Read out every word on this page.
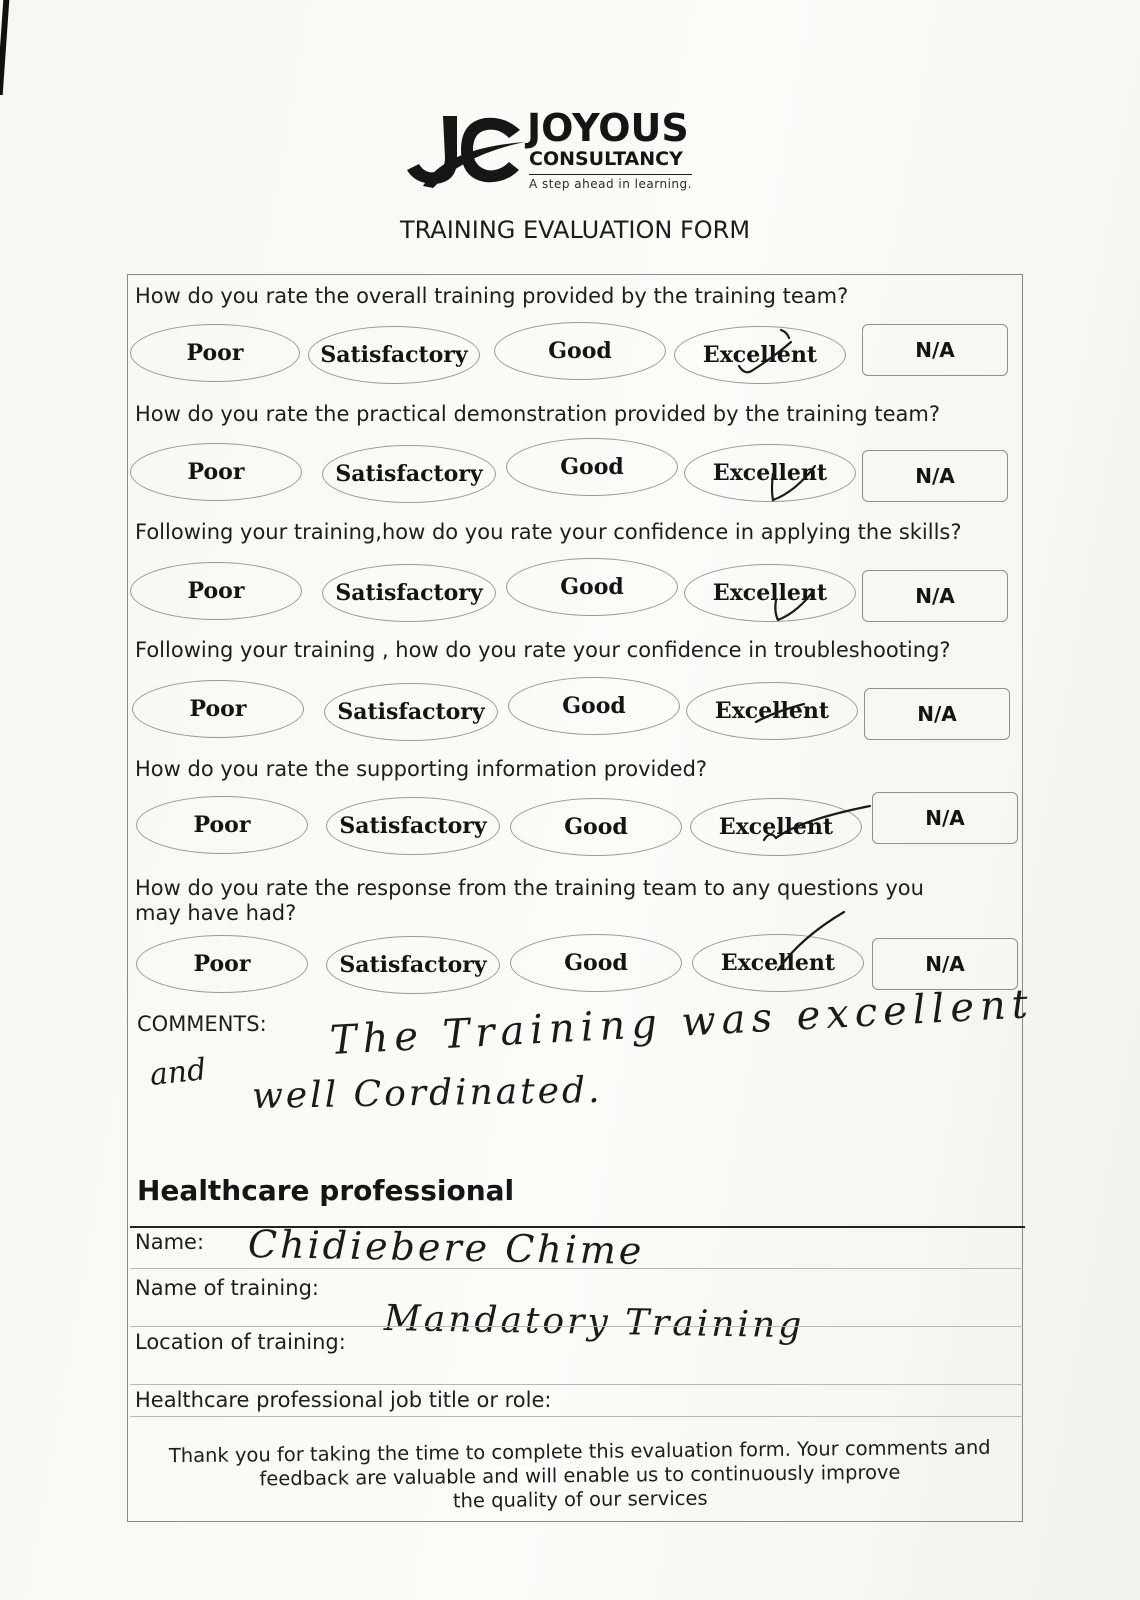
JOYOUS
CONSULTANCY
A step ahead in learning.
TRAINING EVALUATION FORM
How do you rate the overall training provided by the training team?
Poor	Satisfactory	Good	Excellent	N/A
How do you rate the practical demonstration provided by the training team?
Poor	Satisfactory	Good	Excellent	N/A
Following your training,how do you rate your confidence in applying the skills?
Poor	Satisfactory	Good	Excellent	N/A
Following your training , how do you rate your confidence in troubleshooting?
Poor	Satisfactory	Good	Excellent	N/A
How do you rate the supporting information provided?
Poor	Satisfactory	Good	Excellent	N/A
How do you rate the response from the training team to any questions you
may have had?
Poor	Satisfactory	Good	Excellent	N/A
COMMENTS: The Training was excellent
and well Cordinated.
Healthcare professional
Name: Chidiebere Chime
Name of training:
Mandatory Training
Location of training:
Healthcare professional job title or role:
Thank you for taking the time to complete this evaluation form. Your comments and
feedback are valuable and will enable us to continuously improve
the quality of our services
